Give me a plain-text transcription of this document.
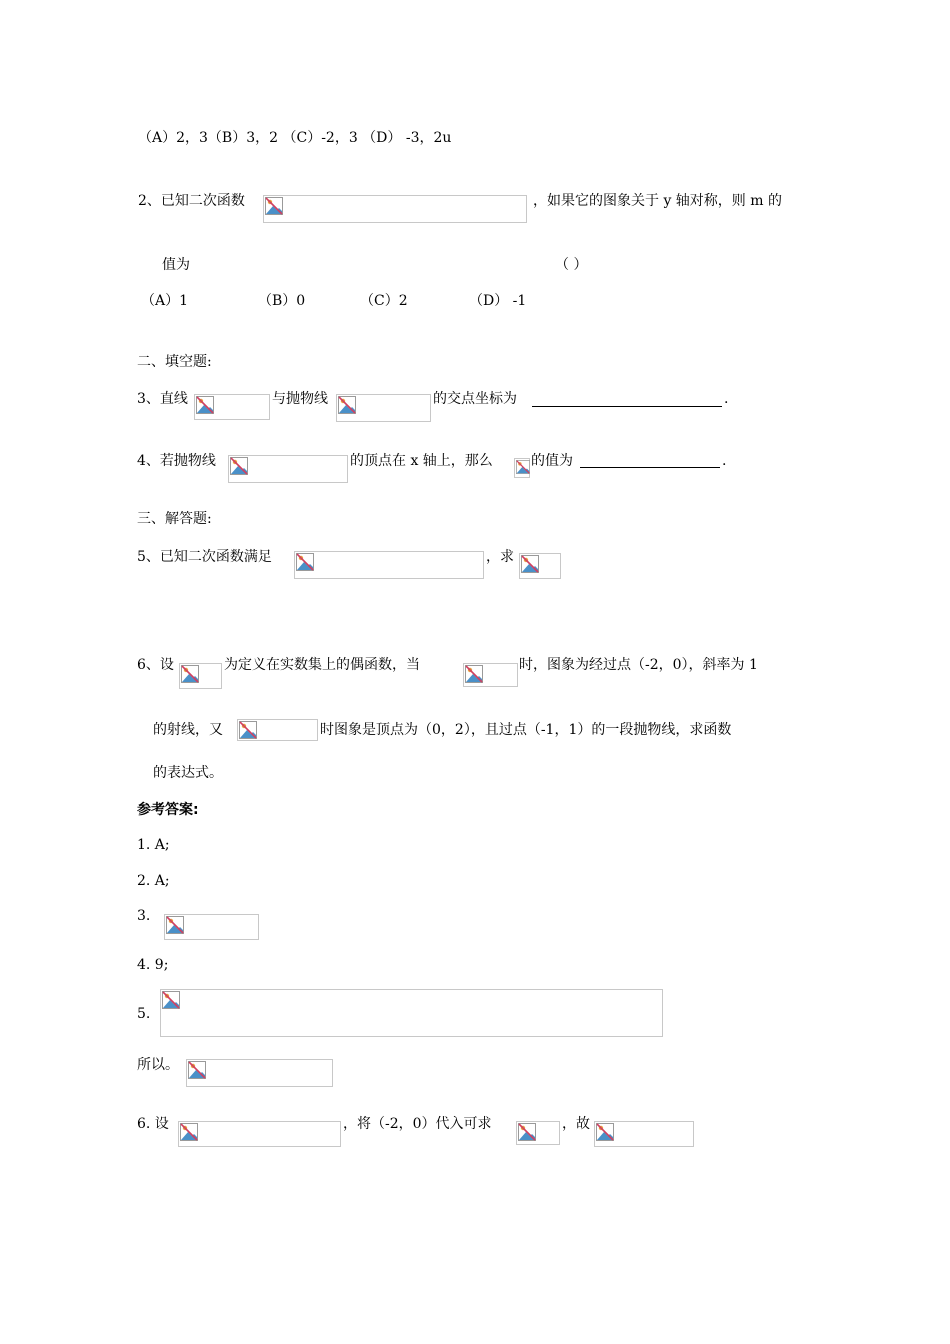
（A）2，3（B）3，2 （C）-2，3 （D） -3，2u
2、已知二次函数	，如果它的图象关于 y 轴对称，则 m 的
值为	（ ）
（A）1	（B）0	（C）2	（D） -1
二、填空题:
3、直线	与抛物线	的交点坐标为	.
4、若抛物线	的顶点在 x 轴上，那么	的值为	.
三、解答题:
5、已知二次函数满足	，求
6、设	为定义在实数集上的偶函数，当	时，图象为经过点（-2，0），斜率为 1
的射线，又	时图象是顶点为（0，2），且过点（-1，1）的一段抛物线，求函数
的表达式。
参考答案:
1. A;
2. A;
3.
4. 9;
5.
所以。
6. 设	，将（-2，0）代入可求	，故
